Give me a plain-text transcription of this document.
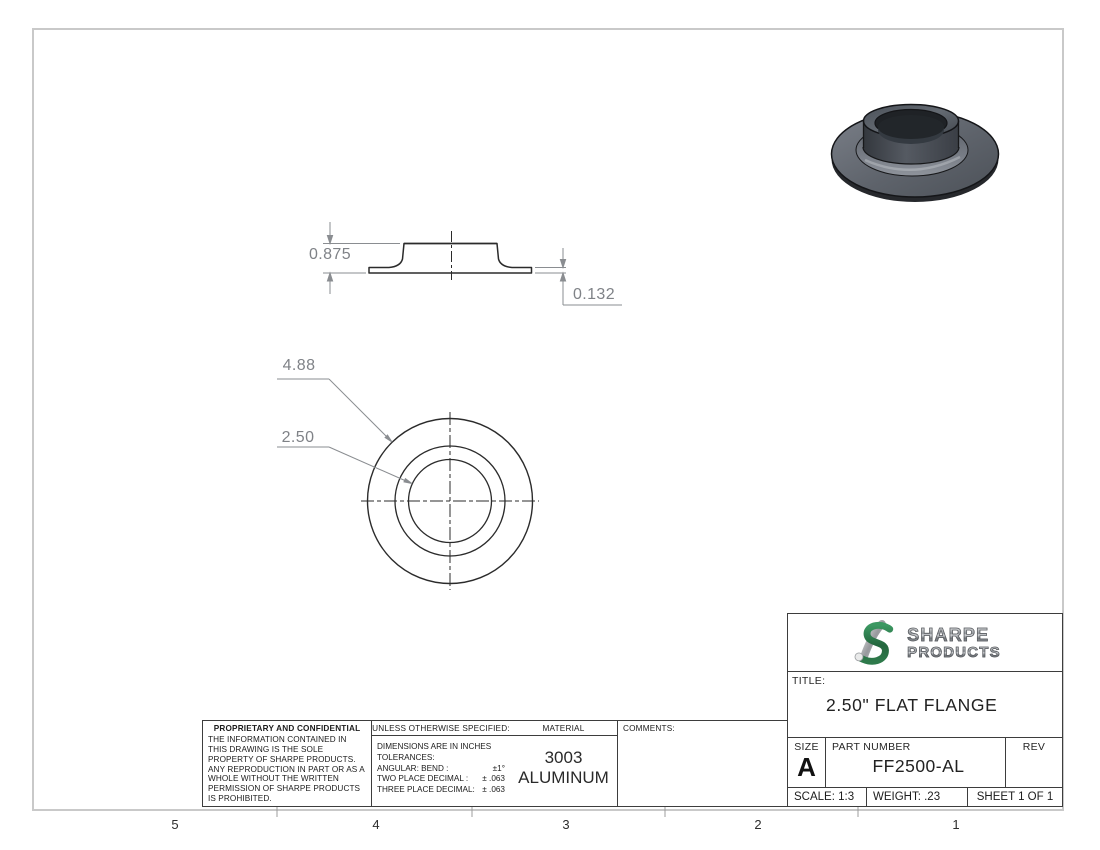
0.875
0.132
4.88
2.50
5	4	3	2	1
PROPRIETARY AND CONFIDENTIAL
THE INFORMATION CONTAINED IN THIS DRAWING IS THE SOLE PROPERTY OF SHARPE PRODUCTS. ANY REPRODUCTION IN PART OR AS A WHOLE WITHOUT THE WRITTEN PERMISSION OF SHARPE PRODUCTS IS PROHIBITED.
UNLESS OTHERWISE SPECIFIED:
DIMENSIONS ARE IN INCHES
TOLERANCES:
ANGULAR: BEND :	±1°
TWO PLACE DECIMAL : ± .063
THREE PLACE DECIMAL: ± .063
MATERIAL
3003
ALUMINUM
COMMENTS:
SHARPE
PRODUCTS
TITLE:
2.50" FLAT FLANGE
SIZE
A
PART NUMBER
FF2500-AL
REV
SCALE: 1:3	WEIGHT: .23	SHEET 1 OF 1
